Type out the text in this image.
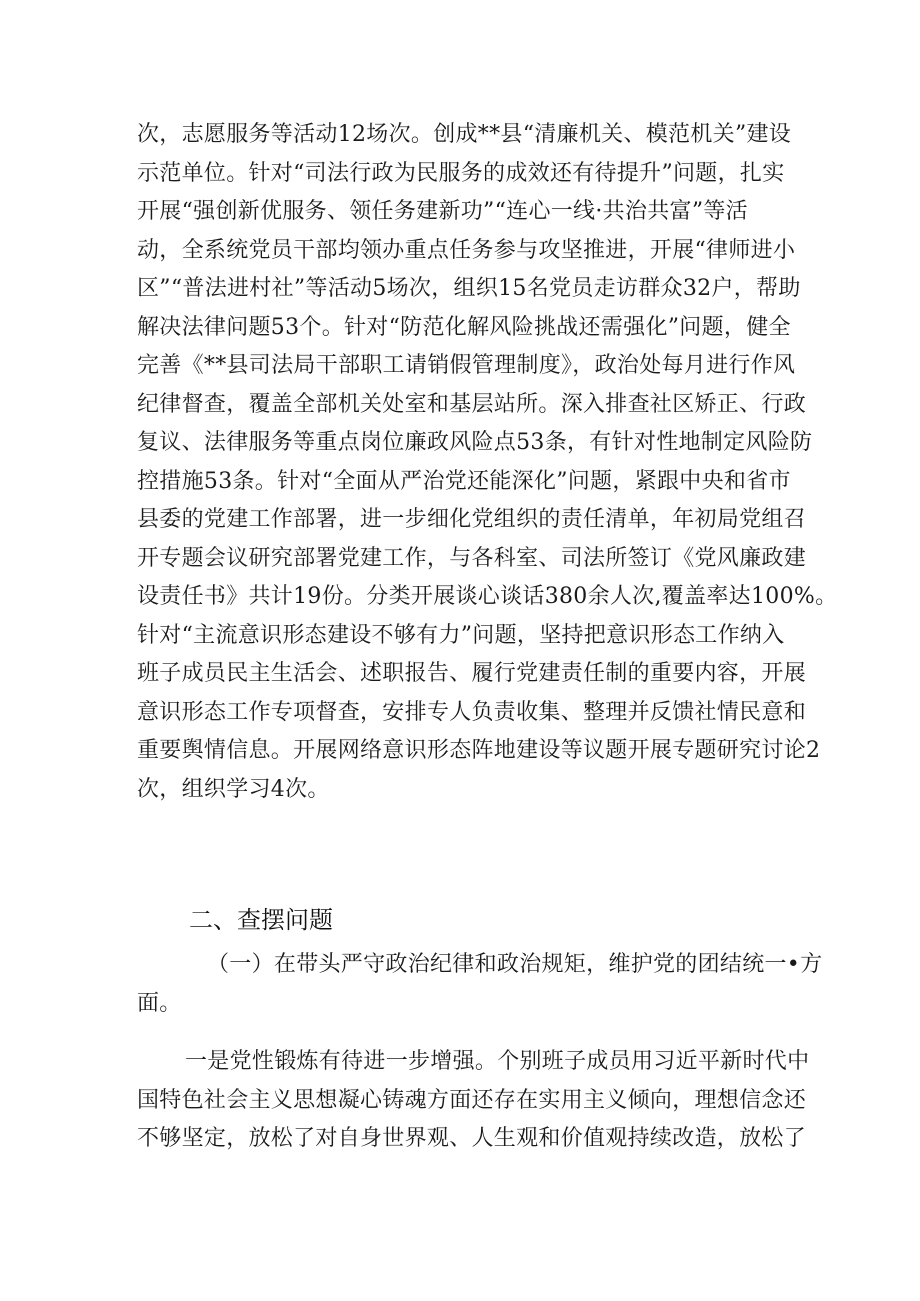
次，志愿服务等活动12场次。创成**县“清廉机关、模范机关”建设
示范单位。针对“司法行政为民服务的成效还有待提升”问题，扎实
开展“强创新优服务、领任务建新功”“连心一线·共治共富”等活
动，全系统党员干部均领办重点任务参与攻坚推进，开展“律师进小
区”“普法进村社”等活动5场次，组织15名党员走访群众32户，帮助
解决法律问题53个。针对“防范化解风险挑战还需强化”问题，健全
完善《**县司法局干部职工请销假管理制度》，政治处每月进行作风
纪律督查，覆盖全部机关处室和基层站所。深入排查社区矫正、行政
复议、法律服务等重点岗位廉政风险点53条，有针对性地制定风险防
控措施53条。针对“全面从严治党还能深化”问题，紧跟中央和省市
县委的党建工作部署，进一步细化党组织的责任清单，年初局党组召
开专题会议研究部署党建工作，与各科室、司法所签订《党风廉政建
设责任书》共计19份。分类开展谈心谈话380余人次,覆盖率达100%。
针对“主流意识形态建设不够有力”问题，坚持把意识形态工作纳入
班子成员民主生活会、述职报告、履行党建责任制的重要内容，开展
意识形态工作专项督查，安排专人负责收集、整理并反馈社情民意和
重要舆情信息。开展网络意识形态阵地建设等议题开展专题研究讨论2
次，组织学习4次。
二、查摆问题
（一）在带头严守政治纪律和政治规矩，维护党的团结统一•方
面。
一是党性锻炼有待进一步增强。个别班子成员用习近平新时代中
国特色社会主义思想凝心铸魂方面还存在实用主义倾向，理想信念还
不够坚定，放松了对自身世界观、人生观和价值观持续改造，放松了
